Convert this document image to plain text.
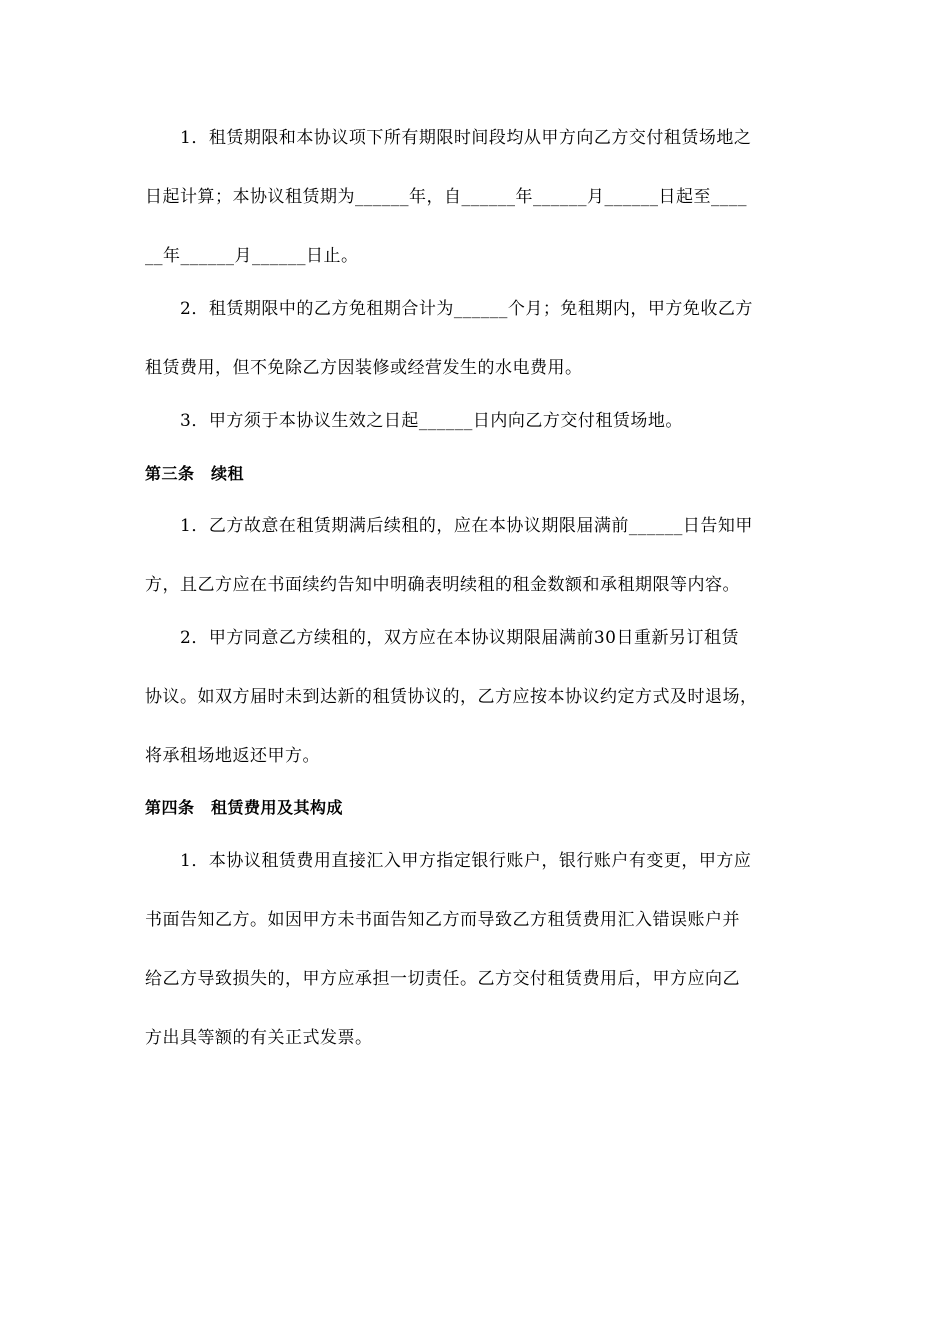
1．租赁期限和本协议项下所有期限时间段均从甲方向乙方交付租赁场地之
日起计算；本协议租赁期为______年，自______年______月______日起至____
__年______月______日止。
2．租赁期限中的乙方免租期合计为______个月；免租期内，甲方免收乙方
租赁费用，但不免除乙方因装修或经营发生的水电费用。
3．甲方须于本协议生效之日起______日内向乙方交付租赁场地。
第三条　续租
1．乙方故意在租赁期满后续租的，应在本协议期限届满前______日告知甲
方，且乙方应在书面续约告知中明确表明续租的租金数额和承租期限等内容。
2．甲方同意乙方续租的，双方应在本协议期限届满前30日重新另订租赁
协议。如双方届时未到达新的租赁协议的，乙方应按本协议约定方式及时退场，
将承租场地返还甲方。
第四条　租赁费用及其构成
1．本协议租赁费用直接汇入甲方指定银行账户，银行账户有变更，甲方应
书面告知乙方。如因甲方未书面告知乙方而导致乙方租赁费用汇入错误账户并
给乙方导致损失的，甲方应承担一切责任。乙方交付租赁费用后，甲方应向乙
方出具等额的有关正式发票。
